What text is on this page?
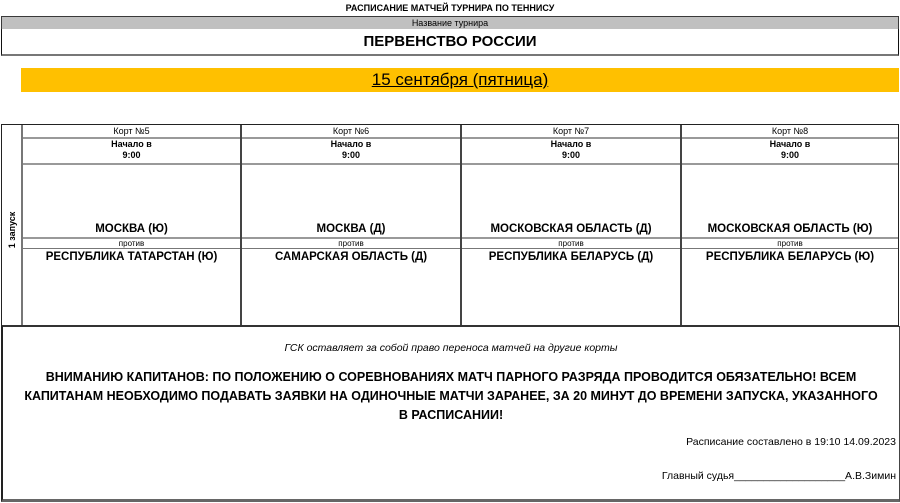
РАСПИСАНИЕ МАТЧЕЙ ТУРНИРА ПО ТЕННИСУ
Название турнира
ПЕРВЕНСТВО РОССИИ
15 сентября (пятница)
1 запуск
Корт №5
Начало в
9:00
МОСКВА (Ю)
против
РЕСПУБЛИКА ТАТАРСТАН (Ю)
Корт №6
Начало в
9:00
МОСКВА (Д)
против
САМАРСКАЯ ОБЛАСТЬ (Д)
Корт №7
Начало в
9:00
МОСКОВСКАЯ ОБЛАСТЬ (Д)
против
РЕСПУБЛИКА БЕЛАРУСЬ (Д)
Корт №8
Начало в
9:00
МОСКОВСКАЯ ОБЛАСТЬ (Ю)
против
РЕСПУБЛИКА БЕЛАРУСЬ (Ю)
ГСК оставляет за собой право переноса матчей на другие корты
ВНИМАНИЮ КАПИТАНОВ: ПО ПОЛОЖЕНИЮ О СОРЕВНОВАНИЯХ МАТЧ ПАРНОГО РАЗРЯДА ПРОВОДИТСЯ ОБЯЗАТЕЛЬНО! ВСЕМ КАПИТАНАМ НЕОБХОДИМО ПОДАВАТЬ ЗАЯВКИ НА ОДИНОЧНЫЕ МАТЧИ ЗАРАНЕЕ, ЗА 20 МИНУТ ДО ВРЕМЕНИ ЗАПУСКА, УКАЗАННОГО В РАСПИСАНИИ!
Расписание составлено в 19:10 14.09.2023
Главный судья___________________А.В.Зимин
